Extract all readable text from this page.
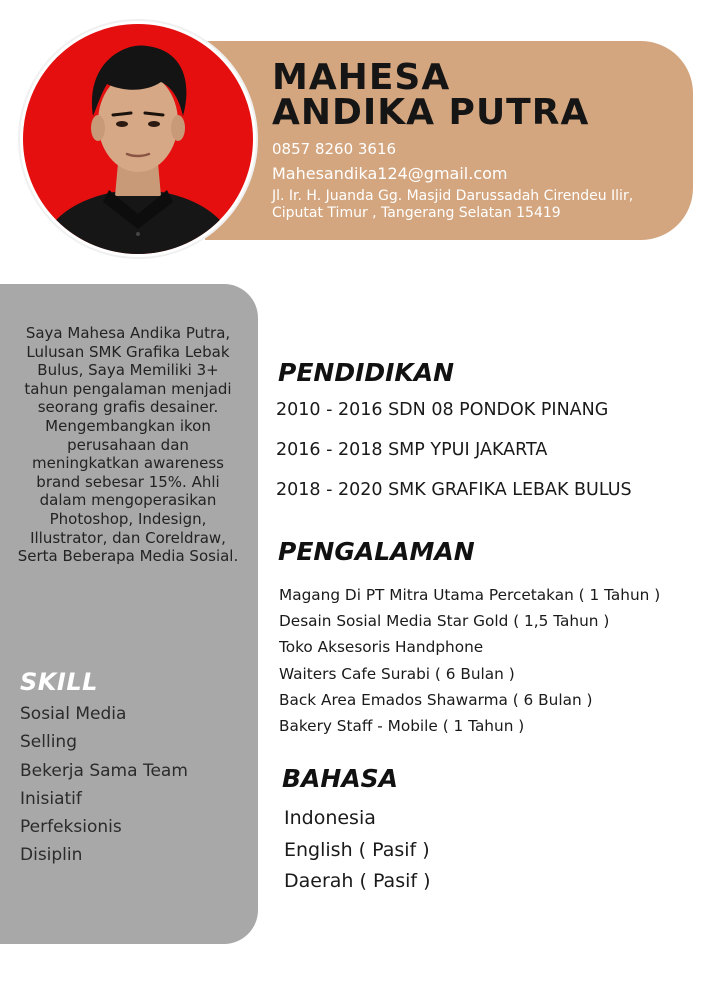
MAHESA
ANDIKA PUTRA
0857 8260 3616
Mahesandika124@gmail.com
Jl. Ir. H. Juanda Gg. Masjid Darussadah Cirendeu Ilir, Ciputat Timur , Tangerang Selatan 15419
Saya Mahesa Andika Putra, Lulusan SMK Grafika Lebak Bulus, Saya Memiliki 3+ tahun pengalaman menjadi seorang grafis desainer. Mengembangkan ikon perusahaan dan meningkatkan awareness brand sebesar 15%. Ahli dalam mengoperasikan Photoshop, Indesign, Illustrator, dan Coreldraw, Serta Beberapa Media Sosial.
SKILL
Sosial Media
Selling
Bekerja Sama Team
Inisiatif
Perfeksionis
Disiplin
PENDIDIKAN
2010 - 2016 SDN 08 PONDOK PINANG
2016 - 2018 SMP YPUI JAKARTA
2018 - 2020 SMK GRAFIKA LEBAK BULUS
PENGALAMAN
Magang Di PT Mitra Utama Percetakan ( 1 Tahun )
Desain Sosial Media Star Gold ( 1,5 Tahun )
Toko Aksesoris Handphone
Waiters Cafe Surabi ( 6 Bulan )
Back Area Emados Shawarma ( 6 Bulan )
Bakery Staff - Mobile ( 1 Tahun )
BAHASA
Indonesia
English ( Pasif )
Daerah ( Pasif )
